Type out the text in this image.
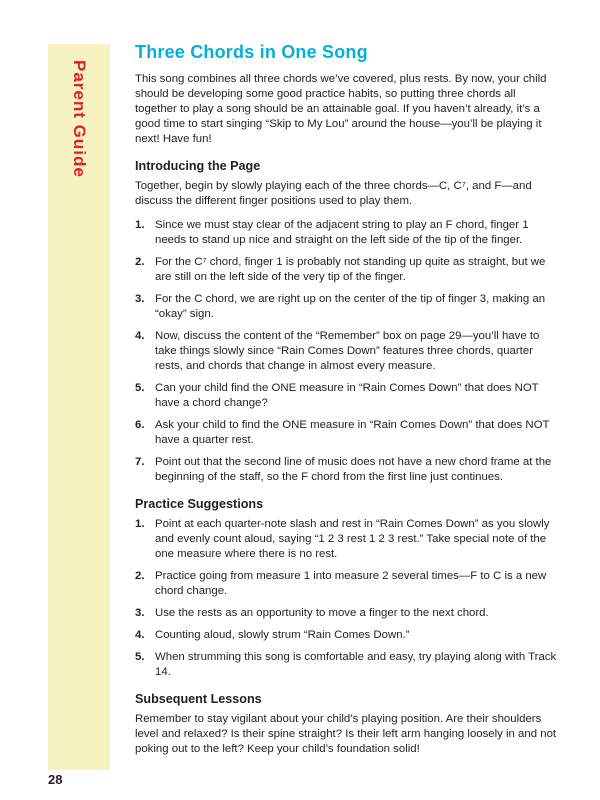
Parent Guide
Three Chords in One Song

This song combines all three chords we’ve covered, plus rests. By now, your child should be developing some good practice habits, so putting three chords all together to play a song should be an attainable goal. If you haven’t already, it’s a good time to start singing “Skip to My Lou” around the house—you’ll be playing it next! Have fun!

Introducing the Page

Together, begin by slowly playing each of the three chords—C, C⁷, and F—and discuss the different finger positions used to play them.

1. Since we must stay clear of the adjacent string to play an F chord, finger 1 needs to stand up nice and straight on the left side of the tip of the finger.
2. For the C⁷ chord, finger 1 is probably not standing up quite as straight, but we are still on the left side of the very tip of the finger.
3. For the C chord, we are right up on the center of the tip of finger 3, making an “okay” sign.
4. Now, discuss the content of the “Remember” box on page 29—you’ll have to take things slowly since “Rain Comes Down” features three chords, quarter rests, and chords that change in almost every measure.
5. Can your child find the ONE measure in “Rain Comes Down” that does NOT have a chord change?
6. Ask your child to find the ONE measure in “Rain Comes Down” that does NOT have a quarter rest.
7. Point out that the second line of music does not have a new chord frame at the beginning of the staff, so the F chord from the first line just continues.
Practice Suggestions
1. Point at each quarter-note slash and rest in “Rain Comes Down” as you slowly and evenly count aloud, saying “1 2 3 rest 1 2 3 rest.” Take special note of the one measure where there is no rest.
2. Practice going from measure 1 into measure 2 several times—F to C is a new chord change.
3. Use the rests as an opportunity to move a finger to the next chord.
4. Counting aloud, slowly strum “Rain Comes Down.”
5. When strumming this song is comfortable and easy, try playing along with Track 14.
Subsequent Lessons

Remember to stay vigilant about your child’s playing position. Are their shoulders level and relaxed? Is their spine straight? Is their left arm hanging loosely in and not poking out to the left? Keep your child’s foundation solid!

28
